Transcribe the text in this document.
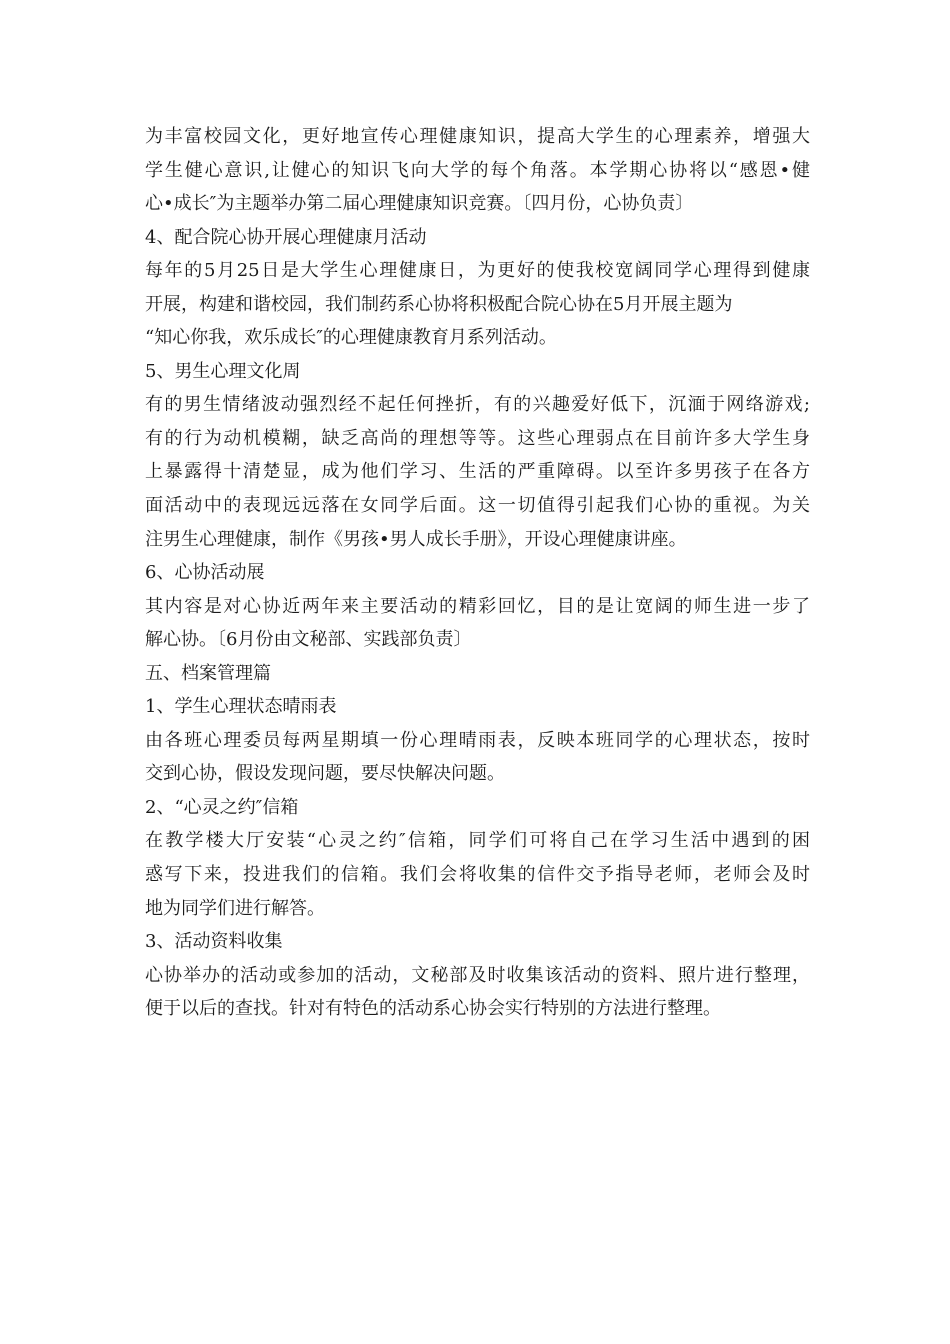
为丰富校园文化，更好地宣传心理健康知识，提高大学生的心理素养，增强大
学生健心意识,让健心的知识飞向大学的每个角落。本学期心协将以“感恩•健
心•成长″为主题举办第二届心理健康知识竞赛。〔四月份，心协负责〕
4、配合院心协开展心理健康月活动
每年的5月25日是大学生心理健康日，为更好的使我校宽阔同学心理得到健康
开展，构建和谐校园，我们制药系心协将积极配合院心协在5月开展主题为
“知心你我，欢乐成长″的心理健康教育月系列活动。
5、男生心理文化周
有的男生情绪波动强烈经不起任何挫折，有的兴趣爱好低下，沉湎于网络游戏;
有的行为动机模糊，缺乏高尚的理想等等。这些心理弱点在目前许多大学生身
上暴露得十清楚显，成为他们学习、生活的严重障碍。以至许多男孩子在各方
面活动中的表现远远落在女同学后面。这一切值得引起我们心协的重视。为关
注男生心理健康，制作《男孩•男人成长手册》，开设心理健康讲座。
6、心协活动展
其内容是对心协近两年来主要活动的精彩回忆，目的是让宽阔的师生进一步了
解心协。〔6月份由文秘部、实践部负责〕
五、档案管理篇
1、学生心理状态晴雨表
由各班心理委员每两星期填一份心理晴雨表，反映本班同学的心理状态，按时
交到心协，假设发现问题，要尽快解决问题。
2、“心灵之约″信箱
在教学楼大厅安装“心灵之约″信箱，同学们可将自己在学习生活中遇到的困
惑写下来，投进我们的信箱。我们会将收集的信件交予指导老师，老师会及时
地为同学们进行解答。
3、活动资料收集
心协举办的活动或参加的活动，文秘部及时收集该活动的资料、照片进行整理，
便于以后的查找。针对有特色的活动系心协会实行特别的方法进行整理。
